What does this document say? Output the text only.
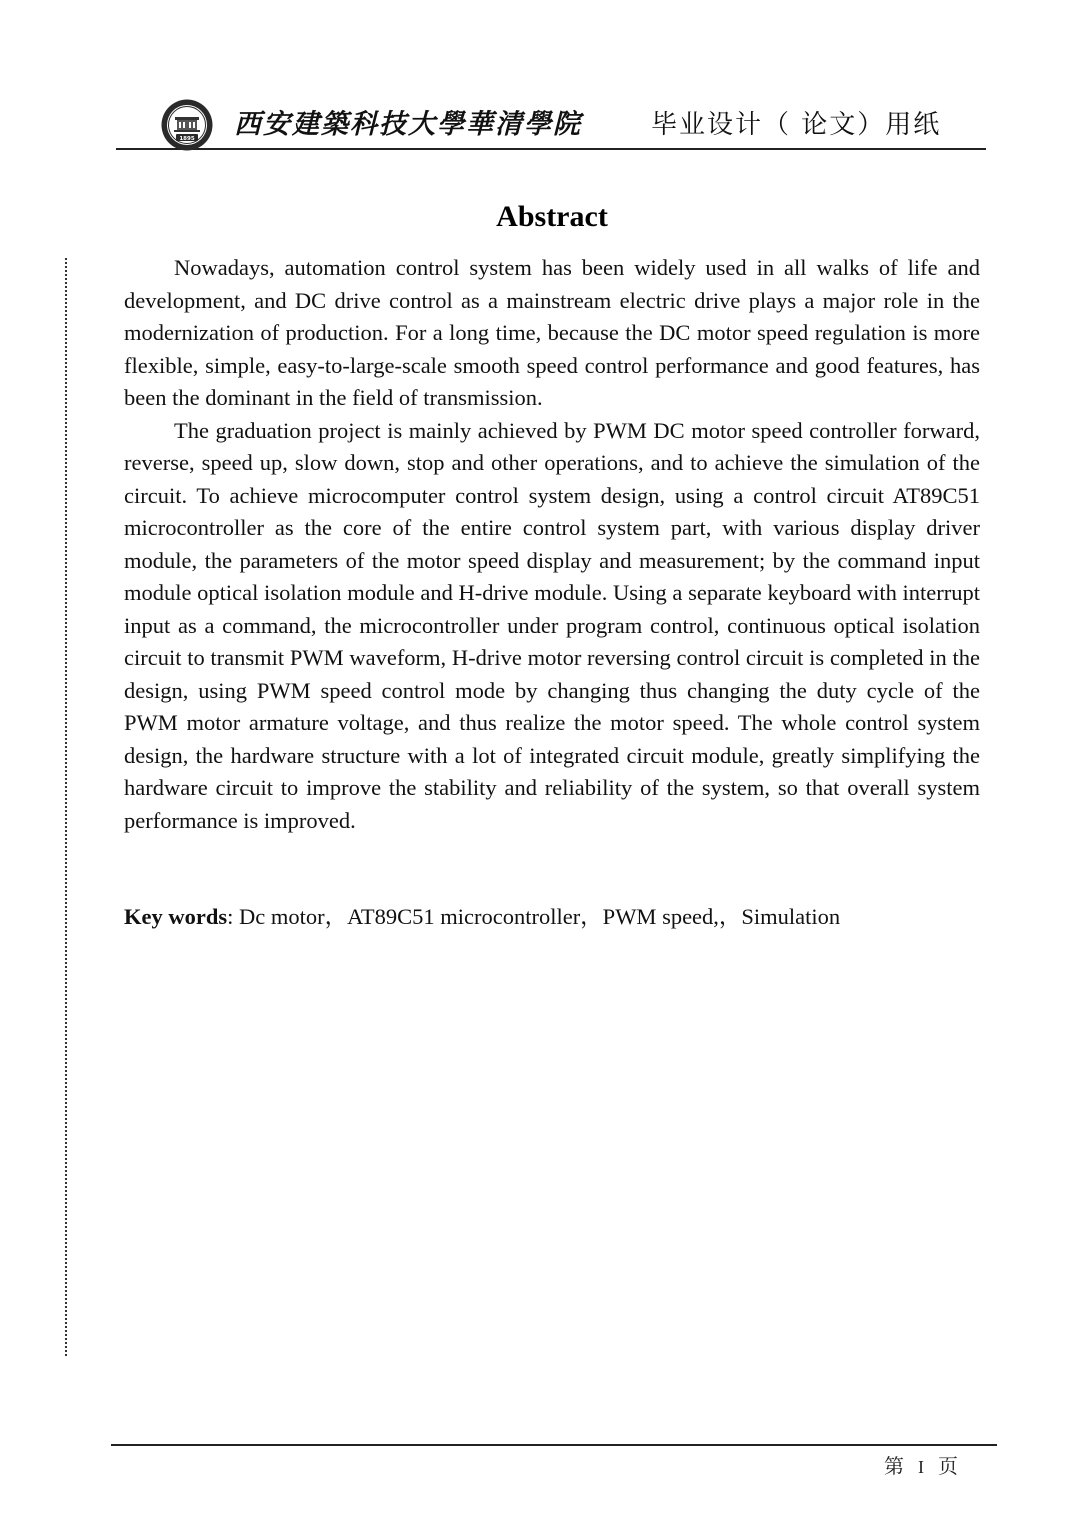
1895 西安建築科技大學華清學院	毕业设计（ 论文）用纸
Abstract

Nowadays, automation control system has been widely used in all walks of life and development, and DC drive control as a mainstream electric drive plays a major role in the modernization of production. For a long time, because the DC motor speed regulation is more flexible, simple, easy-to-large-scale smooth speed control performance and good features, has been the dominant in the field of transmission.

The graduation project is mainly achieved by PWM DC motor speed controller forward, reverse, speed up, slow down, stop and other operations, and to achieve the simulation of the circuit. To achieve microcomputer control system design, using a control circuit AT89C51 microcontroller as the core of the entire control system part, with various display driver module, the parameters of the motor speed display and measurement; by the command input module optical isolation module and H-drive module. Using a separate keyboard with interrupt input as a command, the microcontroller under program control, continuous optical isolation circuit to transmit PWM waveform, H-drive motor reversing control circuit is completed in the design, using PWM speed control mode by changing thus changing the duty cycle of the PWM motor armature voltage, and thus realize the motor speed. The whole control system design, the hardware structure with a lot of integrated circuit module, greatly simplifying the hardware circuit to improve the stability and reliability of the system, so that overall system performance is improved.

Key words: Dc motor，AT89C51 microcontroller，PWM speed,，Simulation
第 I 页
